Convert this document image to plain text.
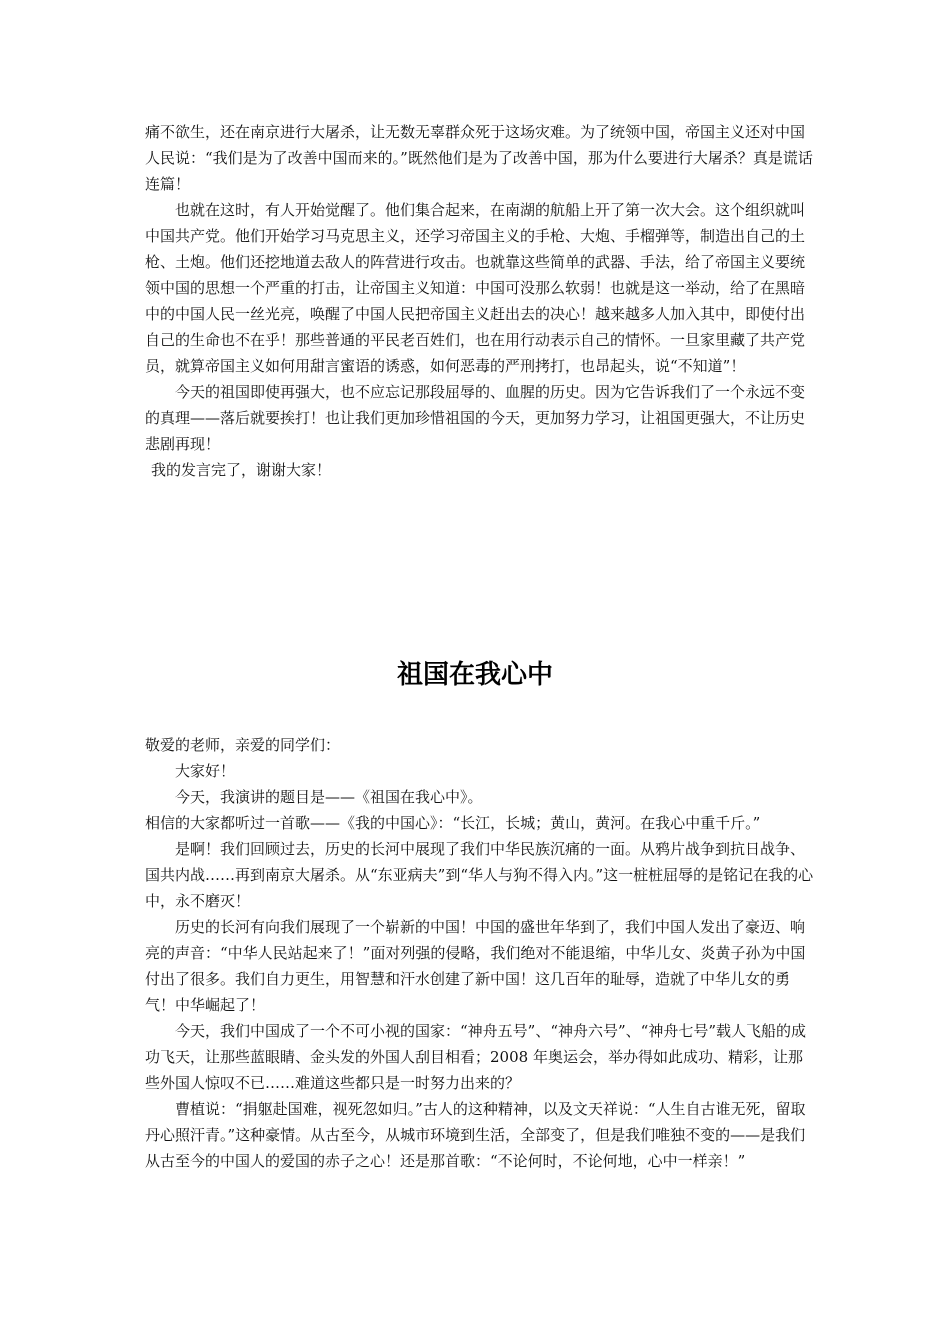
痛不欲生，还在南京进行大屠杀，让无数无辜群众死于这场灾难。为了统领中国，帝国主义还对中国人民说：“我们是为了改善中国而来的。”既然他们是为了改善中国，那为什么要进行大屠杀？真是谎话连篇！

也就在这时，有人开始觉醒了。他们集合起来，在南湖的航船上开了第一次大会。这个组织就叫中国共产党。他们开始学习马克思主义，还学习帝国主义的手枪、大炮、手榴弹等，制造出自己的土枪、土炮。他们还挖地道去敌人的阵营进行攻击。也就靠这些简单的武器、手法，给了帝国主义要统领中国的思想一个严重的打击，让帝国主义知道：中国可没那么软弱！也就是这一举动，给了在黑暗中的中国人民一丝光亮，唤醒了中国人民把帝国主义赶出去的决心！越来越多人加入其中，即使付出自己的生命也不在乎！那些普通的平民老百姓们，也在用行动表示自己的情怀。一旦家里藏了共产党员，就算帝国主义如何用甜言蜜语的诱惑，如何恶毒的严刑拷打，也昂起头，说“不知道”！

今天的祖国即使再强大，也不应忘记那段屈辱的、血腥的历史。因为它告诉我们了一个永远不变的真理——落后就要挨打！也让我们更加珍惜祖国的今天，更加努力学习，让祖国更强大，不让历史悲剧再现！

我的发言完了，谢谢大家！

祖国在我心中

敬爱的老师，亲爱的同学们：

大家好！

今天，我演讲的题目是——《祖国在我心中》。

相信的大家都听过一首歌——《我的中国心》：“长江，长城；黄山，黄河。在我心中重千斤。”

是啊！我们回顾过去，历史的长河中展现了我们中华民族沉痛的一面。从鸦片战争到抗日战争、国共内战……再到南京大屠杀。从“东亚病夫”到“华人与狗不得入内。”这一桩桩屈辱的是铭记在我的心中，永不磨灭！

历史的长河有向我们展现了一个崭新的中国！中国的盛世年华到了，我们中国人发出了豪迈、响亮的声音：“中华人民站起来了！”面对列强的侵略，我们绝对不能退缩，中华儿女、炎黄子孙为中国付出了很多。我们自力更生，用智慧和汗水创建了新中国！这几百年的耻辱，造就了中华儿女的勇气！中华崛起了！

今天，我们中国成了一个不可小视的国家：“神舟五号”、“神舟六号”、“神舟七号”载人飞船的成功飞天，让那些蓝眼睛、金头发的外国人刮目相看；2008 年奥运会，举办得如此成功、精彩，让那些外国人惊叹不已……难道这些都只是一时努力出来的？

曹植说：“捐躯赴国难，视死忽如归。”古人的这种精神，以及文天祥说：“人生自古谁无死，留取丹心照汗青。”这种豪情。从古至今，从城市环境到生活，全部变了，但是我们唯独不变的——是我们从古至今的中国人的爱国的赤子之心！还是那首歌：“不论何时，不论何地，心中一样亲！”
